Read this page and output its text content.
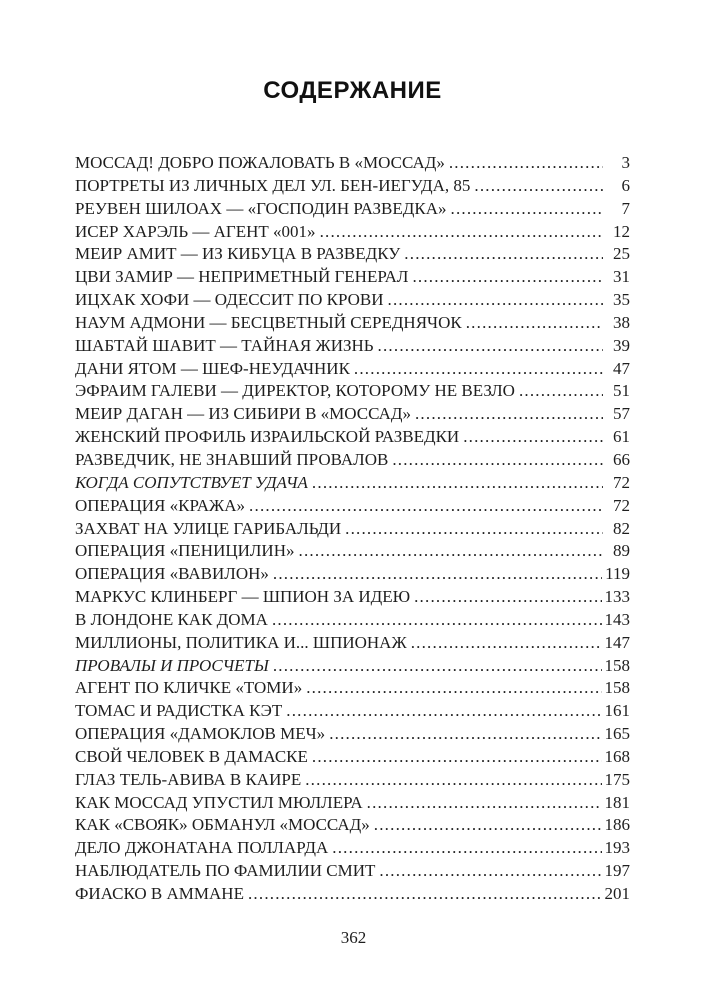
СОДЕРЖАНИЕ
МОССАД! ДОБРО ПОЖАЛОВАТЬ В «МОССАД» .....	3
ПОРТРЕТЫ ИЗ ЛИЧНЫХ ДЕЛ УЛ. БЕН-ИЕГУДА, 85 .....	6
РЕУВЕН ШИЛОАХ — «ГОСПОДИН РАЗВЕДКА» .....	7
ИСЕР ХАРЭЛЬ — АГЕНТ «001» .....	12
МЕИР АМИТ — ИЗ КИБУЦА В РАЗВЕДКУ .....	25
ЦВИ ЗАМИР — НЕПРИМЕТНЫЙ ГЕНЕРАЛ .....	31
ИЦХАК ХОФИ — ОДЕССИТ ПО КРОВИ .....	35
НАУМ АДМОНИ — БЕСЦВЕТНЫЙ СЕРЕДНЯЧОК .....	38
ШАБТАЙ ШАВИТ — ТАЙНАЯ ЖИЗНЬ .....	39
ДАНИ ЯТОМ — ШЕФ-НЕУДАЧНИК .....	47
ЭФРАИМ ГАЛЕВИ — ДИРЕКТОР, КОТОРОМУ НЕ ВЕЗЛО .....	51
МЕИР ДАГАН — ИЗ СИБИРИ В «МОССАД» .....	57
ЖЕНСКИЙ ПРОФИЛЬ ИЗРАИЛЬСКОЙ РАЗВЕДКИ .....	61
РАЗВЕДЧИК, НЕ ЗНАВШИЙ ПРОВАЛОВ .....	66
КОГДА СОПУТСТВУЕТ УДАЧА .....	72
ОПЕРАЦИЯ «КРАЖА» .....	72
ЗАХВАТ НА УЛИЦЕ ГАРИБАЛЬДИ .....	82
ОПЕРАЦИЯ «ПЕНИЦИЛИН» .....	89
ОПЕРАЦИЯ «ВАВИЛОН» .....	119
МАРКУС КЛИНБЕРГ — ШПИОН ЗА ИДЕЮ .....	133
В ЛОНДОНЕ КАК ДОМА .....	143
МИЛЛИОНЫ, ПОЛИТИКА И... ШПИОНАЖ .....	147
ПРОВАЛЫ И ПРОСЧЕТЫ .....	158
АГЕНТ ПО КЛИЧКЕ «ТОМИ» .....	158
ТОМАС И РАДИСТКА КЭТ .....	161
ОПЕРАЦИЯ «ДАМОКЛОВ МЕЧ» .....	165
СВОЙ ЧЕЛОВЕК В ДАМАСКЕ .....	168
ГЛАЗ ТЕЛЬ-АВИВА В КАИРЕ .....	175
КАК МОССАД УПУСТИЛ МЮЛЛЕРА .....	181
КАК «СВОЯК» ОБМАНУЛ «МОССАД» .....	186
ДЕЛО ДЖОНАТАНА ПОЛЛАРДА .....	193
НАБЛЮДАТЕЛЬ ПО ФАМИЛИИ СМИТ .....	197
ФИАСКО В АММАНЕ .....	201
362
